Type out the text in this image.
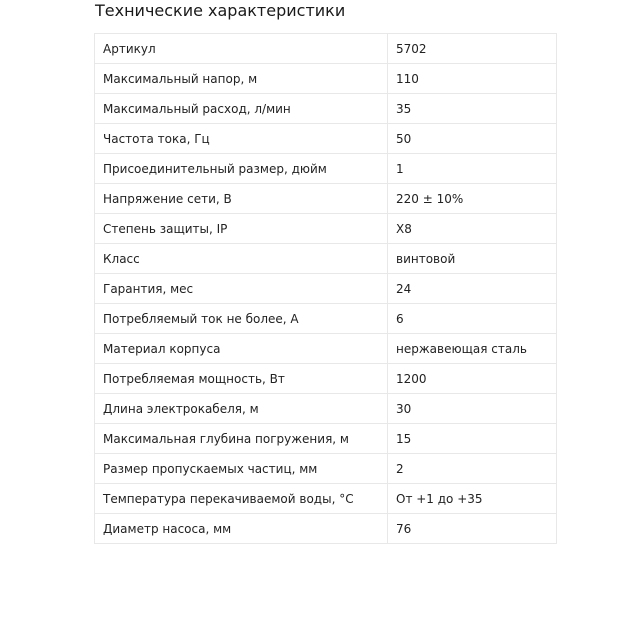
Технические характеристики
Артикул	5702
Максимальный напор, м	110
Максимальный расход, л/мин	35
Частота тока, Гц	50
Присоединительный размер, дюйм	1
Напряжение сети, В	220 ± 10%
Степень защиты, IP	X8
Класс	винтовой
Гарантия, мес	24
Потребляемый ток не более, А	6
Материал корпуса	нержавеющая сталь
Потребляемая мощность, Вт	1200
Длина электрокабеля, м	30
Максимальная глубина погружения, м	15
Размер пропускаемых частиц, мм	2
Температура перекачиваемой воды, °С	От +1 до +35
Диаметр насоса, мм	76
